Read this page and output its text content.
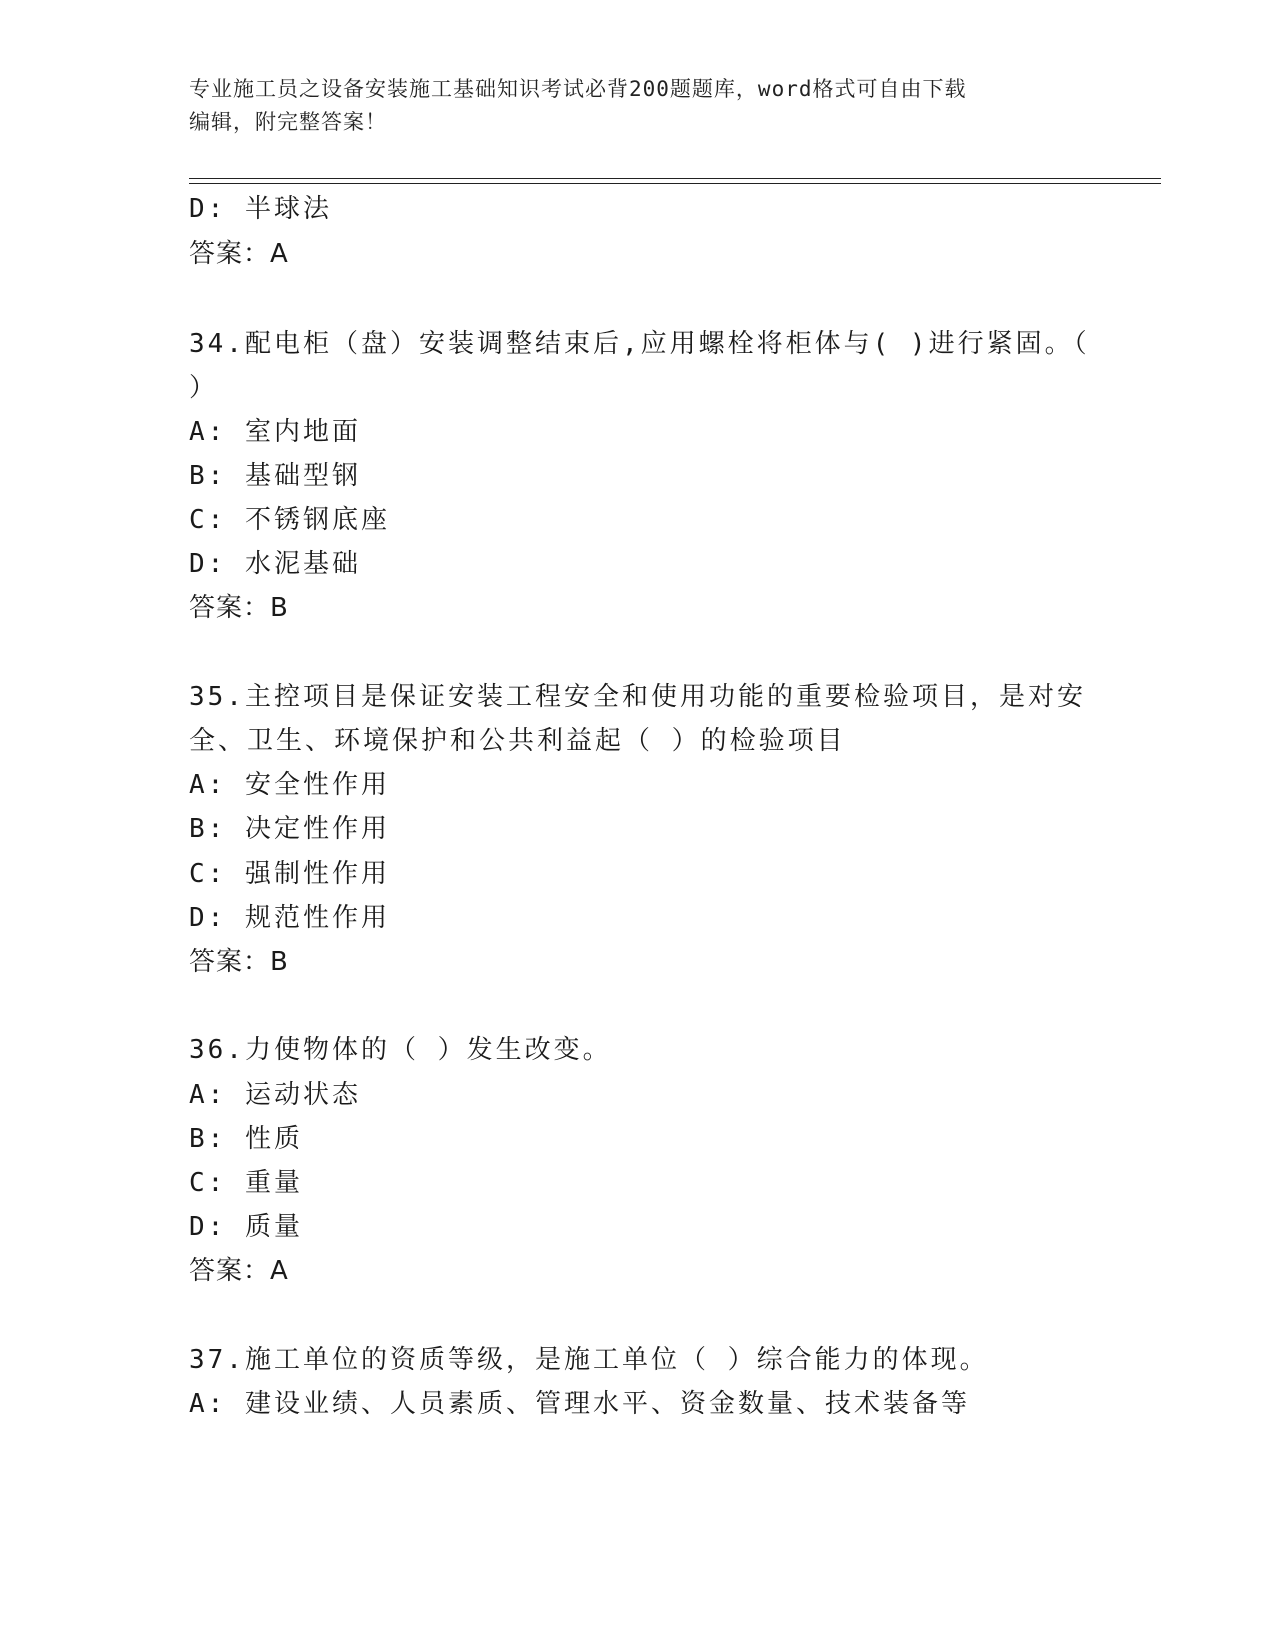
专业施工员之设备安装施工基础知识考试必背200题题库，word格式可自由下载
编辑，附完整答案！
D: 半球法
答案：A
34.配电柜（盘）安装调整结束后,应用螺栓将柜体与( )进行紧固。（
）
A: 室内地面
B: 基础型钢
C: 不锈钢底座
D: 水泥基础
答案：B
35.主控项目是保证安装工程安全和使用功能的重要检验项目，是对安
全、卫生、环境保护和公共利益起（ ）的检验项目
A: 安全性作用
B: 决定性作用
C: 强制性作用
D: 规范性作用
答案：B
36.力使物体的（ ）发生改变。
A: 运动状态
B: 性质
C: 重量
D: 质量
答案：A
37.施工单位的资质等级，是施工单位（ ）综合能力的体现。
A: 建设业绩、人员素质、管理水平、资金数量、技术装备等
